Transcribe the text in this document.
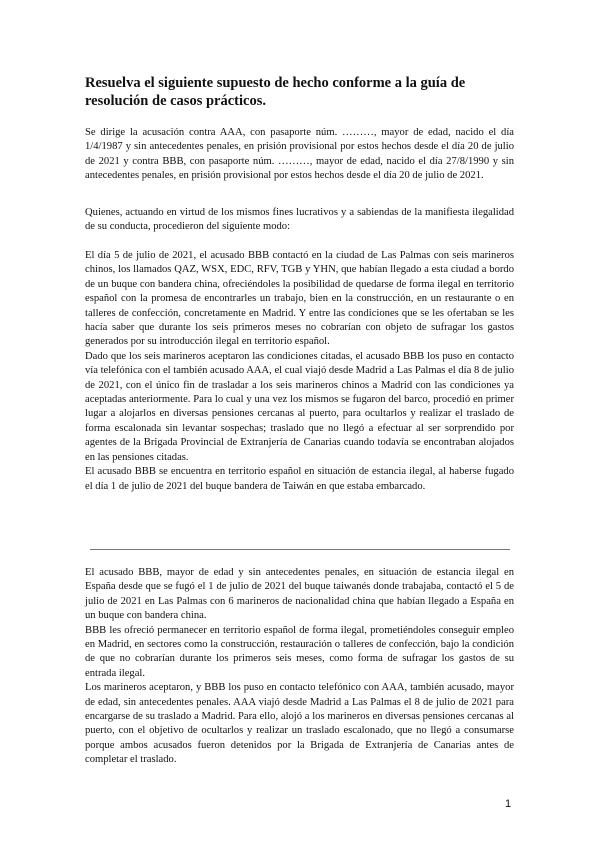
Resuelva el siguiente supuesto de hecho conforme a la guía de resolución de casos prácticos.

Se dirige la acusación contra AAA, con pasaporte núm. ………, mayor de edad, nacido el día 1/4/1987 y sin antecedentes penales, en prisión provisional por estos hechos desde el día 20 de julio de 2021 y contra BBB, con pasaporte núm. ………, mayor de edad, nacido el día 27/8/1990 y sin antecedentes penales, en prisión provisional por estos hechos desde el día 20 de julio de 2021.

Quienes, actuando en virtud de los mismos fines lucrativos y a sabiendas de la manifiesta ilegalidad de su conducta, procedieron del siguiente modo:

El día 5 de julio de 2021, el acusado BBB contactó en la ciudad de Las Palmas con seis marineros chinos, los llamados QAZ, WSX, EDC, RFV, TGB y YHN, que habían llegado a esta ciudad a bordo de un buque con bandera china, ofreciéndoles la posibilidad de quedarse de forma ilegal en territorio español con la promesa de encontrarles un trabajo, bien en la construcción, en un restaurante o en talleres de confección, concretamente en Madrid. Y entre las condiciones que se les ofertaban se les hacía saber que durante los seis primeros meses no cobrarían con objeto de sufragar los gastos generados por su introducción ilegal en territorio español.

Dado que los seis marineros aceptaron las condiciones citadas, el acusado BBB los puso en contacto vía telefónica con el también acusado AAA, el cual viajó desde Madrid a Las Palmas el día 8 de julio de 2021, con el único fin de trasladar a los seis marineros chinos a Madrid con las condiciones ya aceptadas anteriormente. Para lo cual y una vez los mismos se fugaron del barco, procedió en primer lugar a alojarlos en diversas pensiones cercanas al puerto, para ocultarlos y realizar el traslado de forma escalonada sin levantar sospechas; traslado que no llegó a efectuar al ser sorprendido por agentes de la Brigada Provincial de Extranjería de Canarias cuando todavía se encontraban alojados en las pensiones citadas.

El acusado BBB se encuentra en territorio español en situación de estancia ilegal, al haberse fugado el día 1 de julio de 2021 del buque bandera de Taiwán en que estaba embarcado.

El acusado BBB, mayor de edad y sin antecedentes penales, en situación de estancia ilegal en España desde que se fugó el 1 de julio de 2021 del buque taiwanés donde trabajaba, contactó el 5 de julio de 2021 en Las Palmas con 6 marineros de nacionalidad china que habían llegado a España en un buque con bandera china.

BBB les ofreció permanecer en territorio español de forma ilegal, prometiéndoles conseguir empleo en Madrid, en sectores como la construcción, restauración o talleres de confección, bajo la condición de que no cobrarían durante los primeros seis meses, como forma de sufragar los gastos de su entrada ilegal.

Los marineros aceptaron, y BBB los puso en contacto telefónico con AAA, también acusado, mayor de edad, sin antecedentes penales. AAA viajó desde Madrid a Las Palmas el 8 de julio de 2021 para encargarse de su traslado a Madrid. Para ello, alojó a los marineros en diversas pensiones cercanas al puerto, con el objetivo de ocultarlos y realizar un traslado escalonado, que no llegó a consumarse porque ambos acusados fueron detenidos por la Brigada de Extranjería de Canarias antes de completar el traslado.

1
